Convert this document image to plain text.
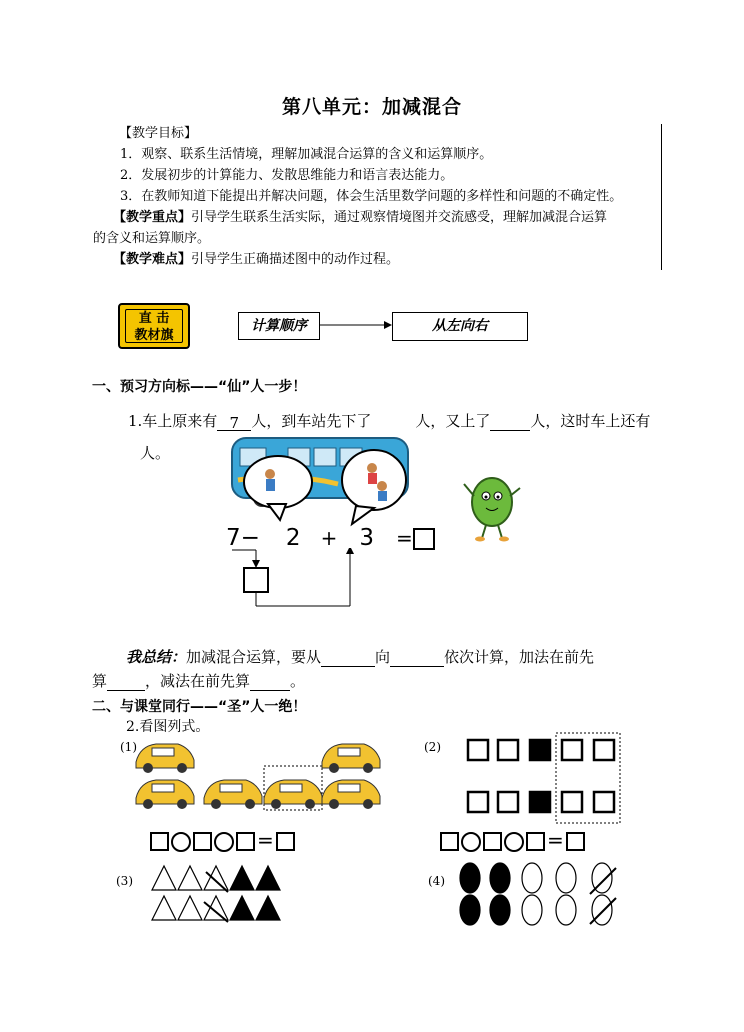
第八单元：加减混合
【教学目标】
1．观察、联系生活情境，理解加减混合运算的含义和运算顺序。
2．发展初步的计算能力、发散思维能力和语言表达能力。
3．在教师知道下能提出并解决问题，体会生活里数学问题的多样性和问题的不确定性。
【教学重点】引导学生联系生活实际，通过观察情境图并交流感受，理解加减混合运算
的含义和运算顺序。
【教学难点】引导学生正确描述图中的动作过程。
直 击
教材旗
计算顺序	从左向右
一、预习方向标——“仙”人一步！
1.车上原来有 7 人，到车站先下了	人，又上了	人，这时车上还有
人。
7− 2 + 3 =
我总结：加减混合运算，要从	向	依次计算，加法在前先
算	，减法在前先算	。
二、与课堂同行——“圣”人一绝！
2.看图列式。
(1)	(2)
=	=
(3)	(4)
